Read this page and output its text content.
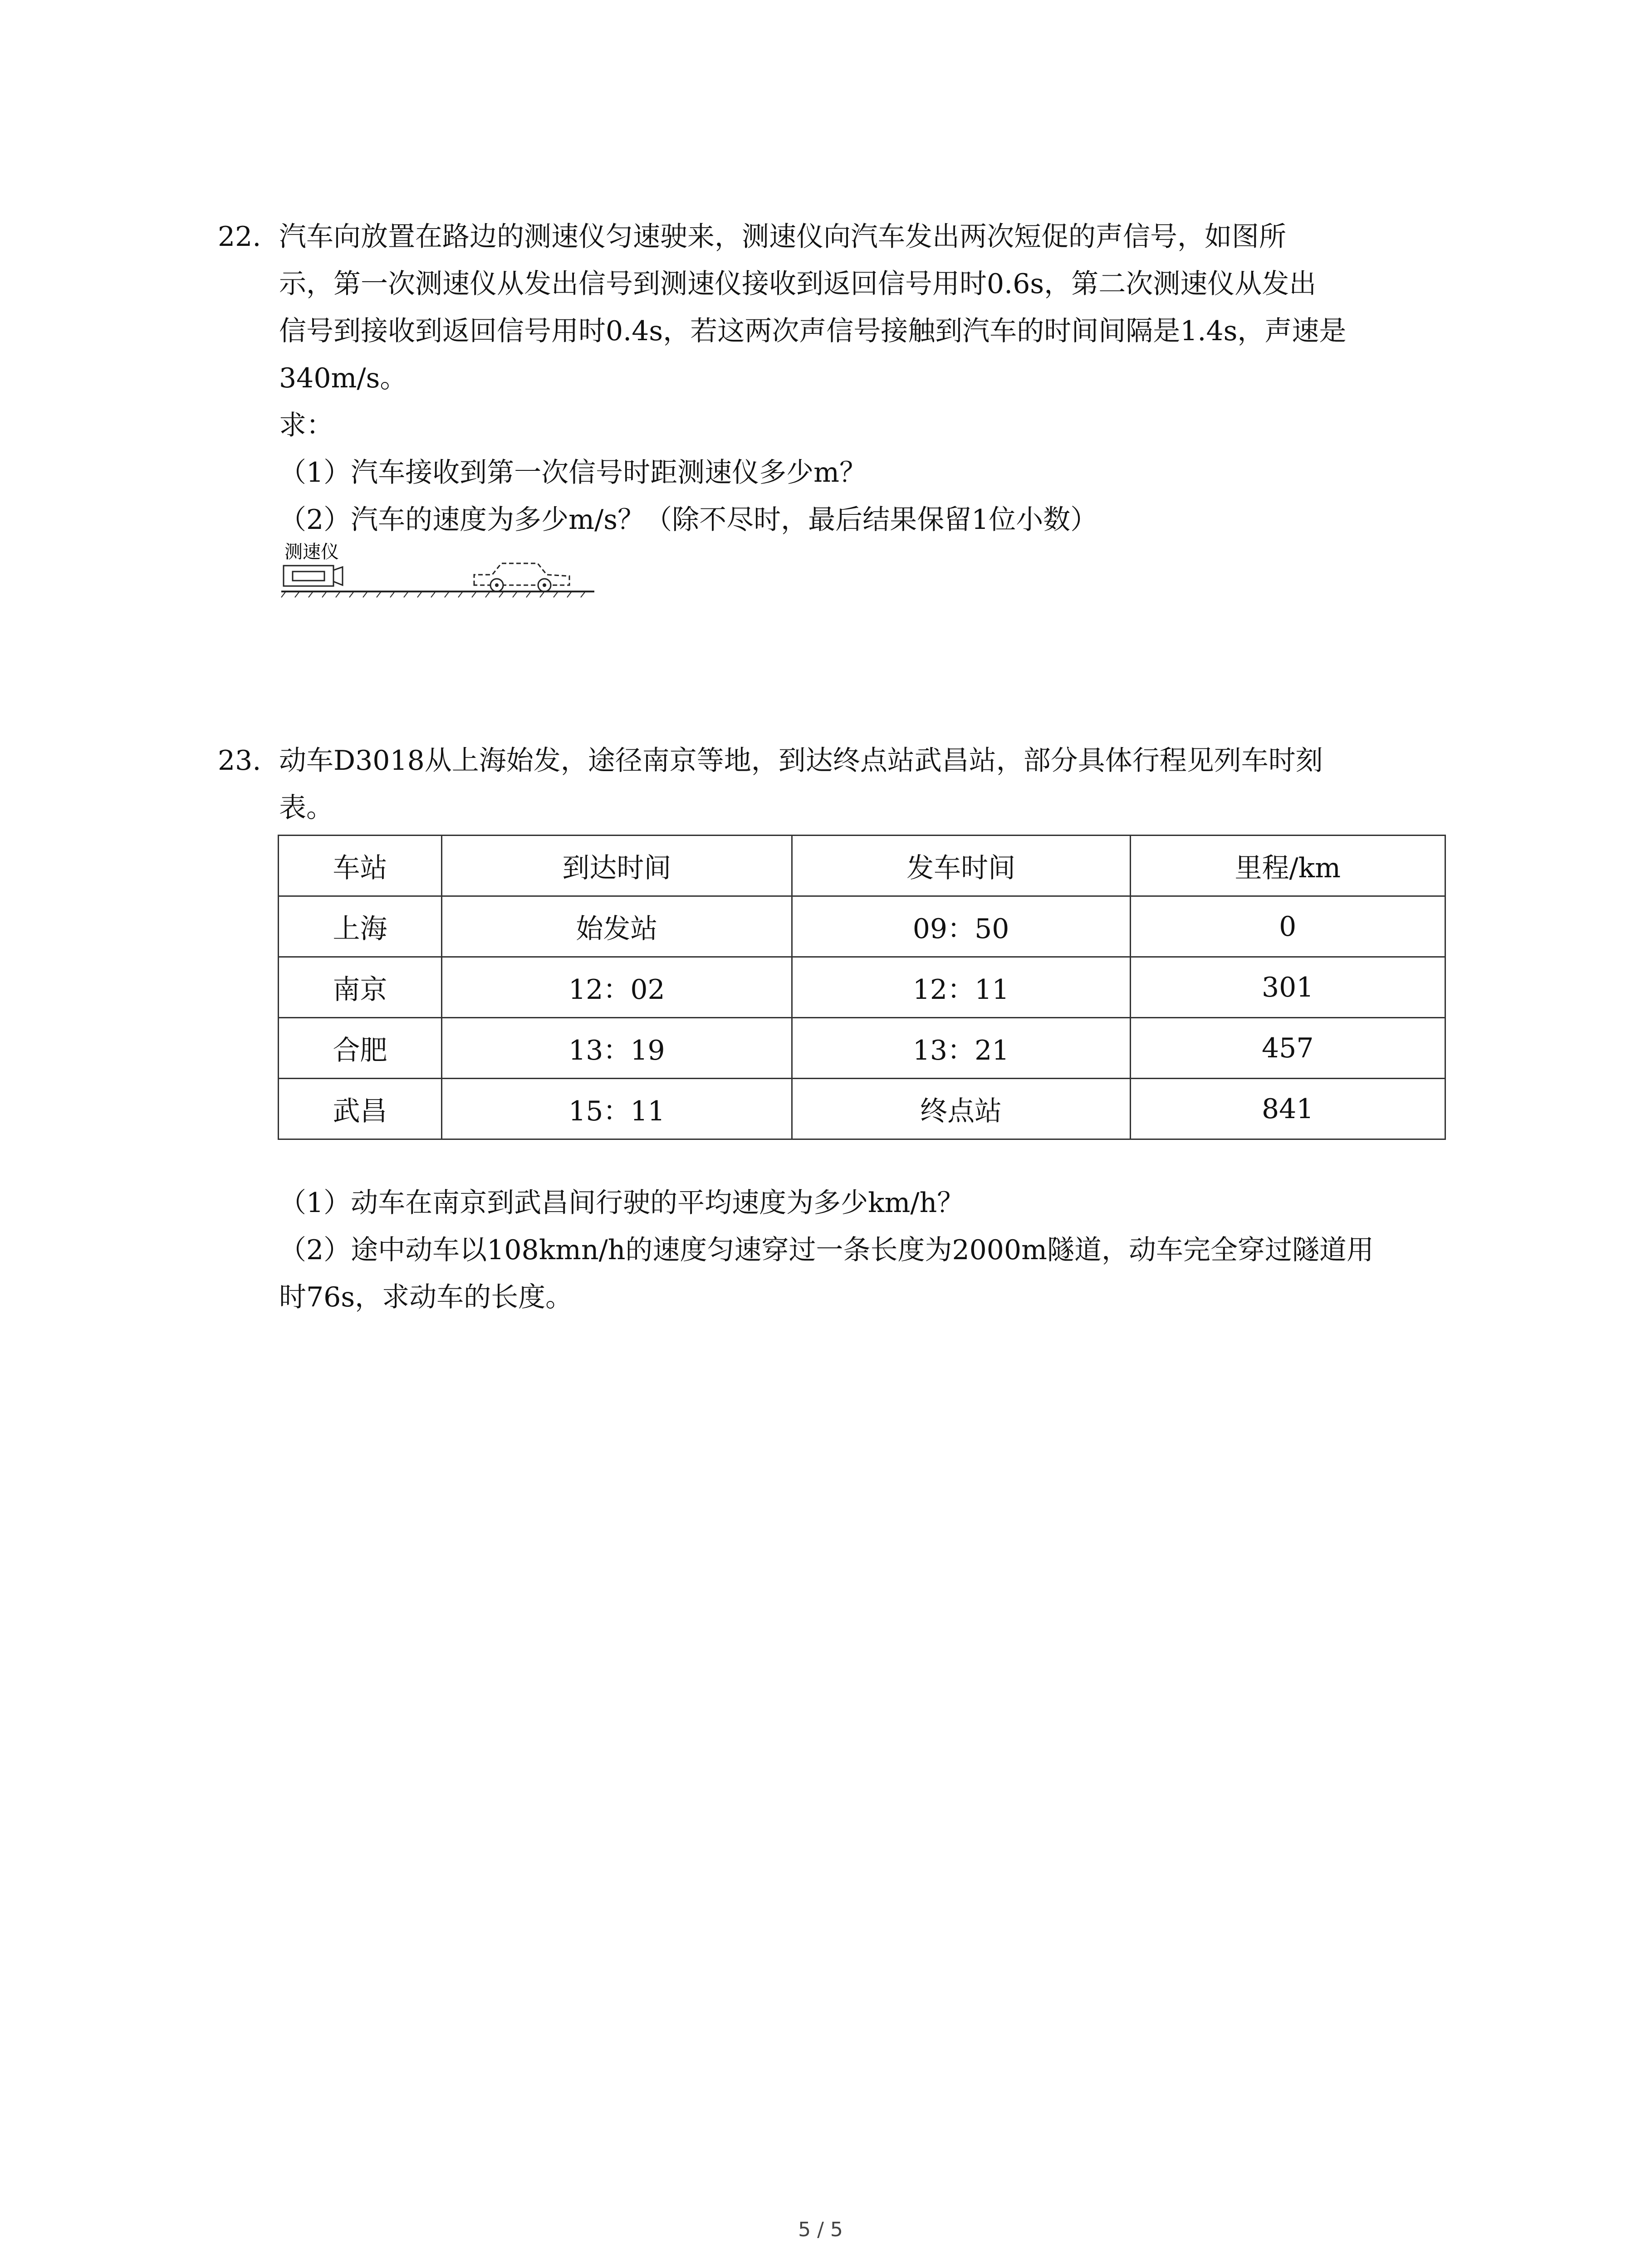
22. 汽车向放置在路边的测速仪匀速驶来，测速仪向汽车发出两次短促的声信号，如图所
示，第一次测速仪从发出信号到测速仪接收到返回信号用时0.6s，第二次测速仪从发出
信号到接收到返回信号用时0.4s，若这两次声信号接触到汽车的时间间隔是1.4s，声速是
340m/s。
求：
（1）汽车接收到第一次信号时距测速仪多少m？
（2）汽车的速度为多少m/s？（除不尽时，最后结果保留1位小数）
测速仪
23. 动车D3018从上海始发，途径南京等地，到达终点站武昌站，部分具体行程见列车时刻
表。
车站	到达时间	发车时间	里程/km
上海	始发站	09：50	0
南京	12：02	12：11	301
合肥	13：19	13：21	457
武昌	15：11	终点站	841
（1）动车在南京到武昌间行驶的平均速度为多少km/h？
（2）途中动车以108kmn/h的速度匀速穿过一条长度为2000m隧道，动车完全穿过隧道用
时76s，求动车的长度。
5 / 5
